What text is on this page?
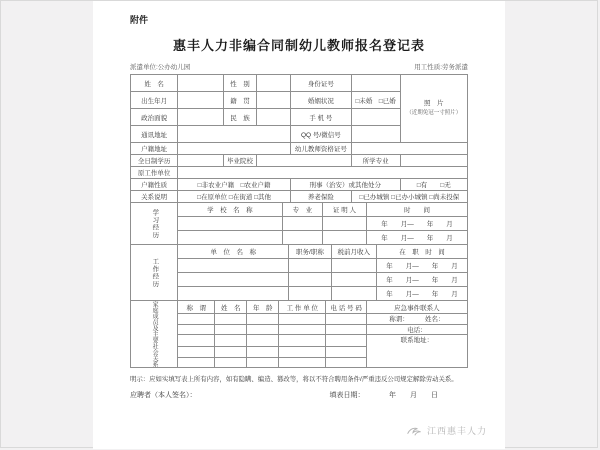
附件
惠丰人力非编合同制幼儿教师报名登记表
派遣单位:公办幼儿园	用工性质:劳务派遣
姓　名		性　别		身份证号		照　片
（近期免冠一寸照片）

出生年月		籍　贯		婚姻状况	□未婚　□已婚	
政治面貌		民　族		手 机 号		
通讯地址				QQ 号/微信号		
户籍地址				幼儿教师资格证号		
全日制学历		毕业院校			所学专业	
原工作单位						
户籍性质	□非农业户籍　□农业户籍			刑事（治安）或其他处分		□有　　□无
关系说明	□在原单位 □在街道 □其他			养老保险	□已办城镇 □已办小城镇 □尚未投保	
学习经历	学　校　名　称	专　业	证 明 人	时　　间
				年　　月—　　年　　月
				年　　月—　　年　　月
工作经历	单　位　名　称	职务/职称	税前月收入	在　职　时　间
				年　　月—　　年　　月
				年　　月—　　年　　月
				年　　月—　　年　　月
家庭成员及主要社会关系	称　谓	姓　名	年　龄	工 作 单 位	电 话 号 码	应急事件联系人
						称谓：　　　姓名：
						电话：
						联系地址：

明示：应如实填写表上所有内容，如有隐瞒、编造、篡改等，将以不符合聘用条件/严重违反公司规定解除劳动关系。
应聘者（本人签名）：	填表日期：　　　　年　　月　　日
江西惠丰人力
